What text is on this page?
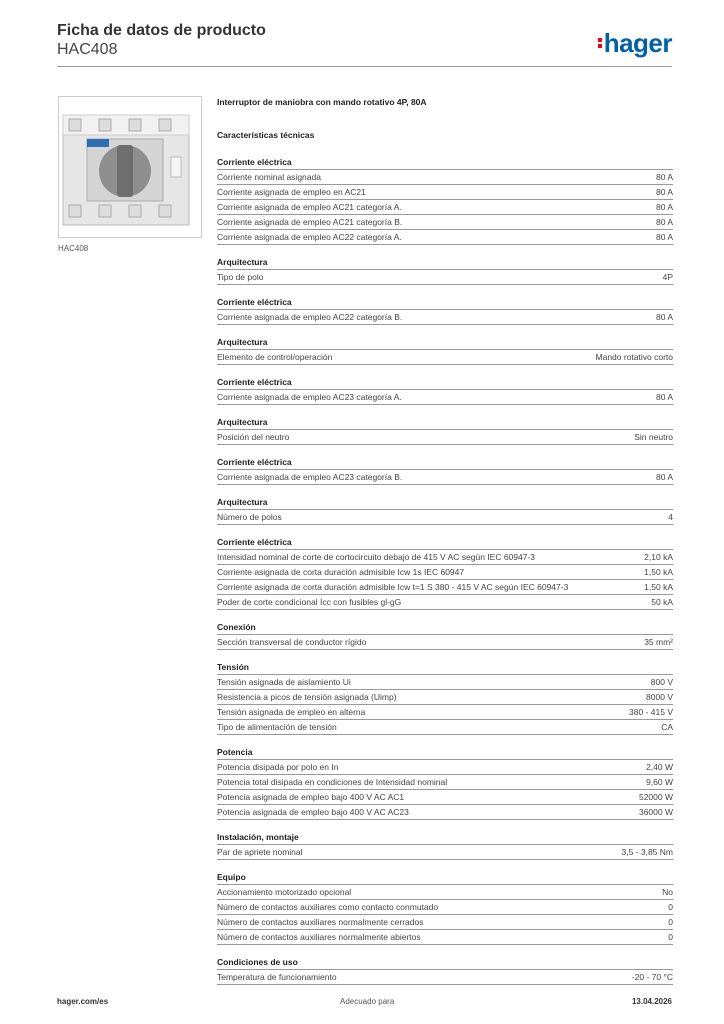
Ficha de datos de producto
HAC408	hager
HAC408
Interruptor de maniobra con mando rotativo 4P, 80A
Características técnicas
Corriente eléctrica
Corriente nominal asignada	80 A
Corriente asignada de empleo en AC21	80 A
Corriente asignada de empleo AC21 categoría A.	80 A
Corriente asignada de empleo AC21 categoría B.	80 A
Corriente asignada de empleo AC22 categoría A.	80 A
Arquitectura
Tipo de polo	4P
Corriente eléctrica
Corriente asignada de empleo AC22 categoría B.	80 A
Arquitectura
Elemento de control/operación	Mando rotativo corto
Corriente eléctrica
Corriente asignada de empleo AC23 categoría A.	80 A
Arquitectura
Posición del neutro	Sin neutro
Corriente eléctrica
Corriente asignada de empleo AC23 categoría B.	80 A
Arquitectura
Número de polos	4
Corriente eléctrica
Intensidad nominal de corte de cortocircuito debajo de 415 V AC según IEC 60947-3	2,10 kA
Corriente asignada de corta duración admisible Icw 1s IEC 60947	1,50 kA
Corriente asignada de corta duración admisible Icw t=1 S 380 - 415 V AC según IEC 60947-3	1,50 kA
Poder de corte condicional Icc con fusibles gl-gG	50 kA
Conexión
Sección transversal de conductor rígido	35 mm²
Tensión
Tensión asignada de aislamiento Ui	800 V
Resistencia a picos de tensión asignada (Uimp)	8000 V
Tensión asignada de empleo en alterna	380 - 415 V
Tipo de alimentación de tensión	CA
Potencia
Potencia disipada por polo en In	2,40 W
Potencia total disipada en condiciones de Intensidad nominal	9,60 W
Potencia asignada de empleo bajo 400 V AC AC1	52000 W
Potencia asignada de empleo bajo 400 V AC AC23	36000 W
Instalación, montaje
Par de apriete nominal	3,5 - 3,85 Nm
Equipo
Accionamiento motorizado opcional	No
Número de contactos auxiliares como contacto conmutado	0
Número de contactos auxiliares normalmente cerrados	0
Número de contactos auxiliares normalmente abiertos	0
Condiciones de uso
Temperatura de funcionamiento	-20 - 70 °C
hager.com/es	Adecuado para	13.04.2026
